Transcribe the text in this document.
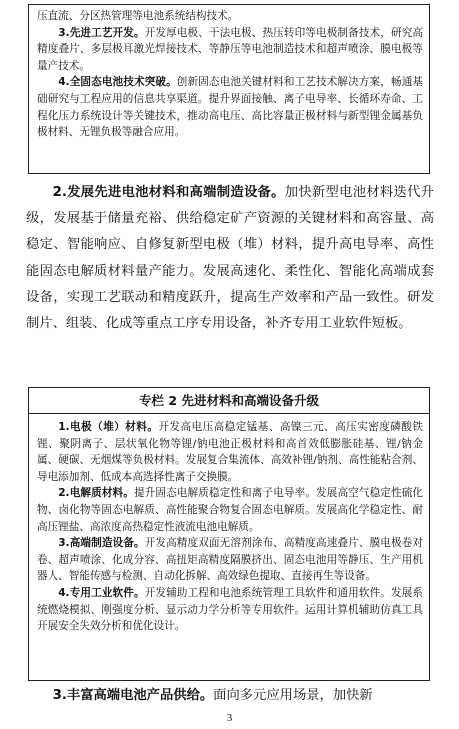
压直流、分区热管理等电池系统结构技术。

3.先进工艺开发。开发厚电极、干法电极、热压转印等电极制备技术，研究高精度叠片、多层极耳激光焊接技术、等静压等电池制造技术和超声喷涂、膜电极等量产技术。

4.全固态电池技术突破。创新固态电池关键材料和工艺技术解决方案，畅通基础研究与工程应用的信息共享渠道。提升界面接触、离子电导率、长循环寿命、工程化压力系统设计等关键技术，推动高电压、高比容量正极材料与新型锂金属基负极材料、无锂负极等融合应用。

2.发展先进电池材料和高端制造设备。加快新型电池材料迭代升级，发展基于储量充裕、供给稳定矿产资源的关键材料和高容量、高稳定、智能响应、自修复新型电极（堆）材料，提升高电导率、高性能固态电解质材料量产能力。发展高速化、柔性化、智能化高端成套设备，实现工艺联动和精度跃升，提高生产效率和产品一致性。研发制片、组装、化成等重点工序专用设备，补齐专用工业软件短板。

专栏 2 先进材料和高端设备升级

1.电极（堆）材料。开发高电压高稳定锰基、高镍三元、高压实密度磷酸铁锂、聚阴离子、层状氧化物等锂/钠电池正极材料和高首效低膨胀硅基、锂/钠金属、硬碳、无烟煤等负极材料。发展复合集流体、高效补锂/钠剂、高性能粘合剂、导电添加剂、低成本高选择性离子交换膜。

2.电解质材料。提升固态电解质稳定性和离子电导率。发展高空气稳定性硫化物、卤化物等固态电解质、高性能聚合物复合固态电解质。发展高化学稳定性、耐高压锂盐、高浓度高热稳定性液流电池电解质。

3.高端制造设备。开发高精度双面无溶剂涂布、高精度高速叠片、膜电极卷对卷、超声喷涂、化成分容、高扭矩高精度隔膜挤出、固态电池用等静压、生产用机器人、智能传感与检测、自动化拆解、高效绿色提取、直接再生等设备。

4.专用工业软件。开发辅助工程和电池系统管理工具软件和通用软件。发展系统燃烧模拟、刚强度分析、显示动力学分析等专用软件。运用计算机辅助仿真工具开展安全失效分析和优化设计。

3.丰富高端电池产品供给。面向多元应用场景，加快新
3
